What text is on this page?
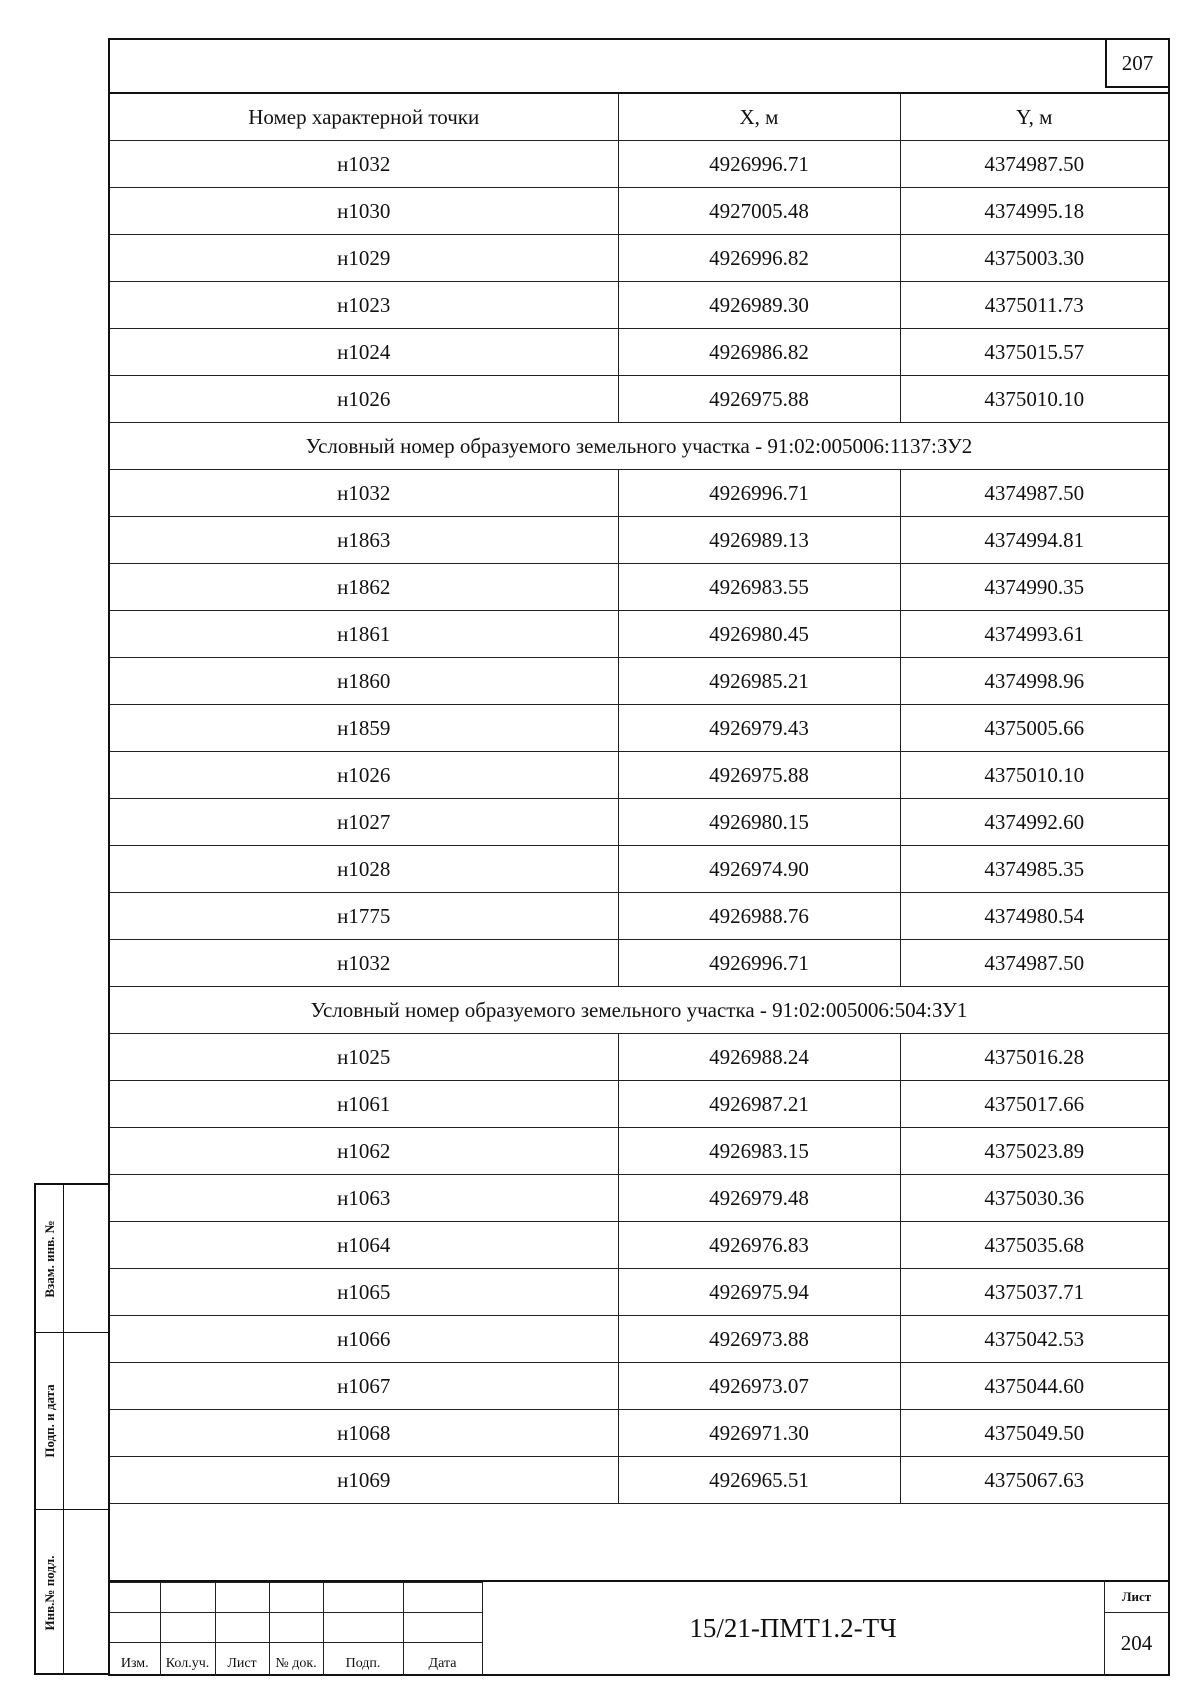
207
Номер характерной точки	X, м	Y, м
н1032	4926996.71	4374987.50
н1030	4927005.48	4374995.18
н1029	4926996.82	4375003.30
н1023	4926989.30	4375011.73
н1024	4926986.82	4375015.57
н1026	4926975.88	4375010.10
Условный номер образуемого земельного участка - 91:02:005006:1137:ЗУ2		
н1032	4926996.71	4374987.50
н1863	4926989.13	4374994.81
н1862	4926983.55	4374990.35
н1861	4926980.45	4374993.61
н1860	4926985.21	4374998.96
н1859	4926979.43	4375005.66
н1026	4926975.88	4375010.10
н1027	4926980.15	4374992.60
н1028	4926974.90	4374985.35
н1775	4926988.76	4374980.54
н1032	4926996.71	4374987.50
Условный номер образуемого земельного участка - 91:02:005006:504:ЗУ1		
н1025	4926988.24	4375016.28
н1061	4926987.21	4375017.66
н1062	4926983.15	4375023.89
н1063	4926979.48	4375030.36
н1064	4926976.83	4375035.68
н1065	4926975.94	4375037.71
н1066	4926973.88	4375042.53
н1067	4926973.07	4375044.60
н1068	4926971.30	4375049.50
н1069	4926965.51	4375067.63

Изм.	Кол.уч.	Лист	№ док.	Подп.	Дата
15/21-ПМТ1.2-ТЧ
Лист
204
Взам. инв. №
Подп. и дата
Инв.№ подл.
